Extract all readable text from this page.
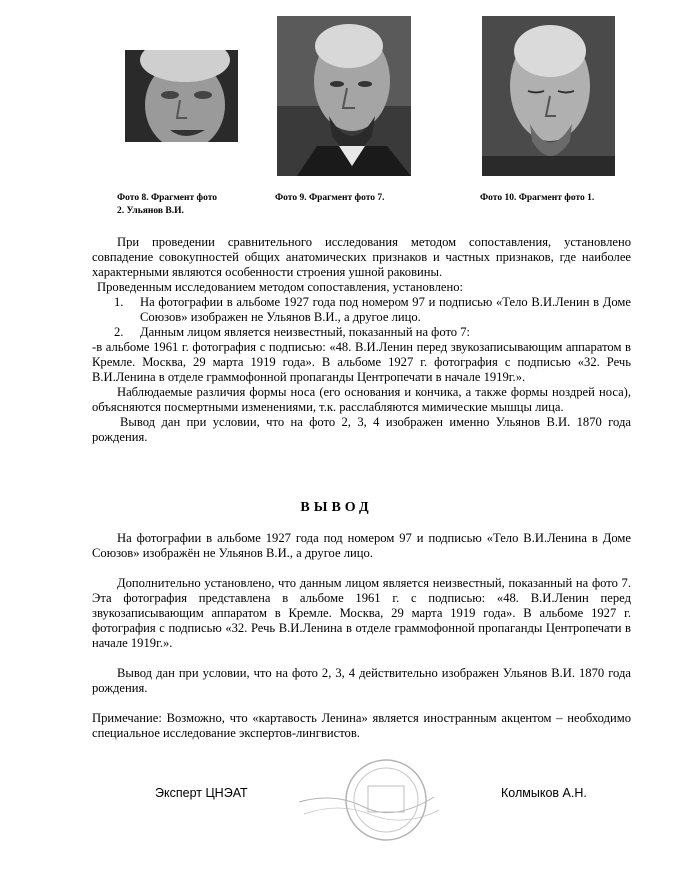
Фото 8. Фрагмент фото
2. Ульянов В.И.
Фото 9. Фрагмент фото 7.	Фото 10. Фрагмент фото 1.

При проведении сравнительного исследования методом сопоставления, установлено совпадение совокупностей общих анатомических признаков и частных признаков, где наиболее характерными являются особенности строения ушной раковины.

Проведенным исследованием методом сопоставления, установлено:

1.	На фотографии в альбоме 1927 года под номером 97 и подписью «Тело В.И.Ленин в Доме Союзов» изображен не Ульянов В.И., а другое лицо.
2.	Данным лицом является неизвестный, показанный на фото 7:

-в альбоме 1961 г. фотография с подписью: «48. В.И.Ленин перед звукозаписывающим аппаратом в Кремле. Москва, 29 марта 1919 года». В альбоме 1927 г. фотография с подписью «32. Речь В.И.Ленина в отделе граммофонной пропаганды Центропечати в начале 1919г.».

Наблюдаемые различия формы носа (его основания и кончика, а также формы ноздрей носа), объясняются посмертными изменениями, т.к. расслабляются мимические мышцы лица.

Вывод дан при условии, что на фото 2, 3, 4 изображен именно Ульянов В.И. 1870 года рождения.

ВЫВОД

На фотографии в альбоме 1927 года под номером 97 и подписью «Тело В.И.Ленина в Доме Союзов» изображён не Ульянов В.И., а другое лицо.

Дополнительно установлено, что данным лицом является неизвестный, показанный на фото 7. Эта фотография представлена в альбоме 1961 г. с подписью: «48. В.И.Ленин перед звукозаписывающим аппаратом в Кремле. Москва, 29 марта 1919 года». В альбоме 1927 г. фотография с подписью «32. Речь В.И.Ленина в отделе граммофонной пропаганды Центропечати в начале 1919г.».

Вывод дан при условии, что на фото 2, 3, 4 действительно изображен Ульянов В.И. 1870 года рождения.

Примечание: Возможно, что «картавость Ленина» является иностранным акцентом – необходимо специальное исследование экспертов-лингвистов.

Эксперт ЦНЭАТ	Колмыков А.Н.
